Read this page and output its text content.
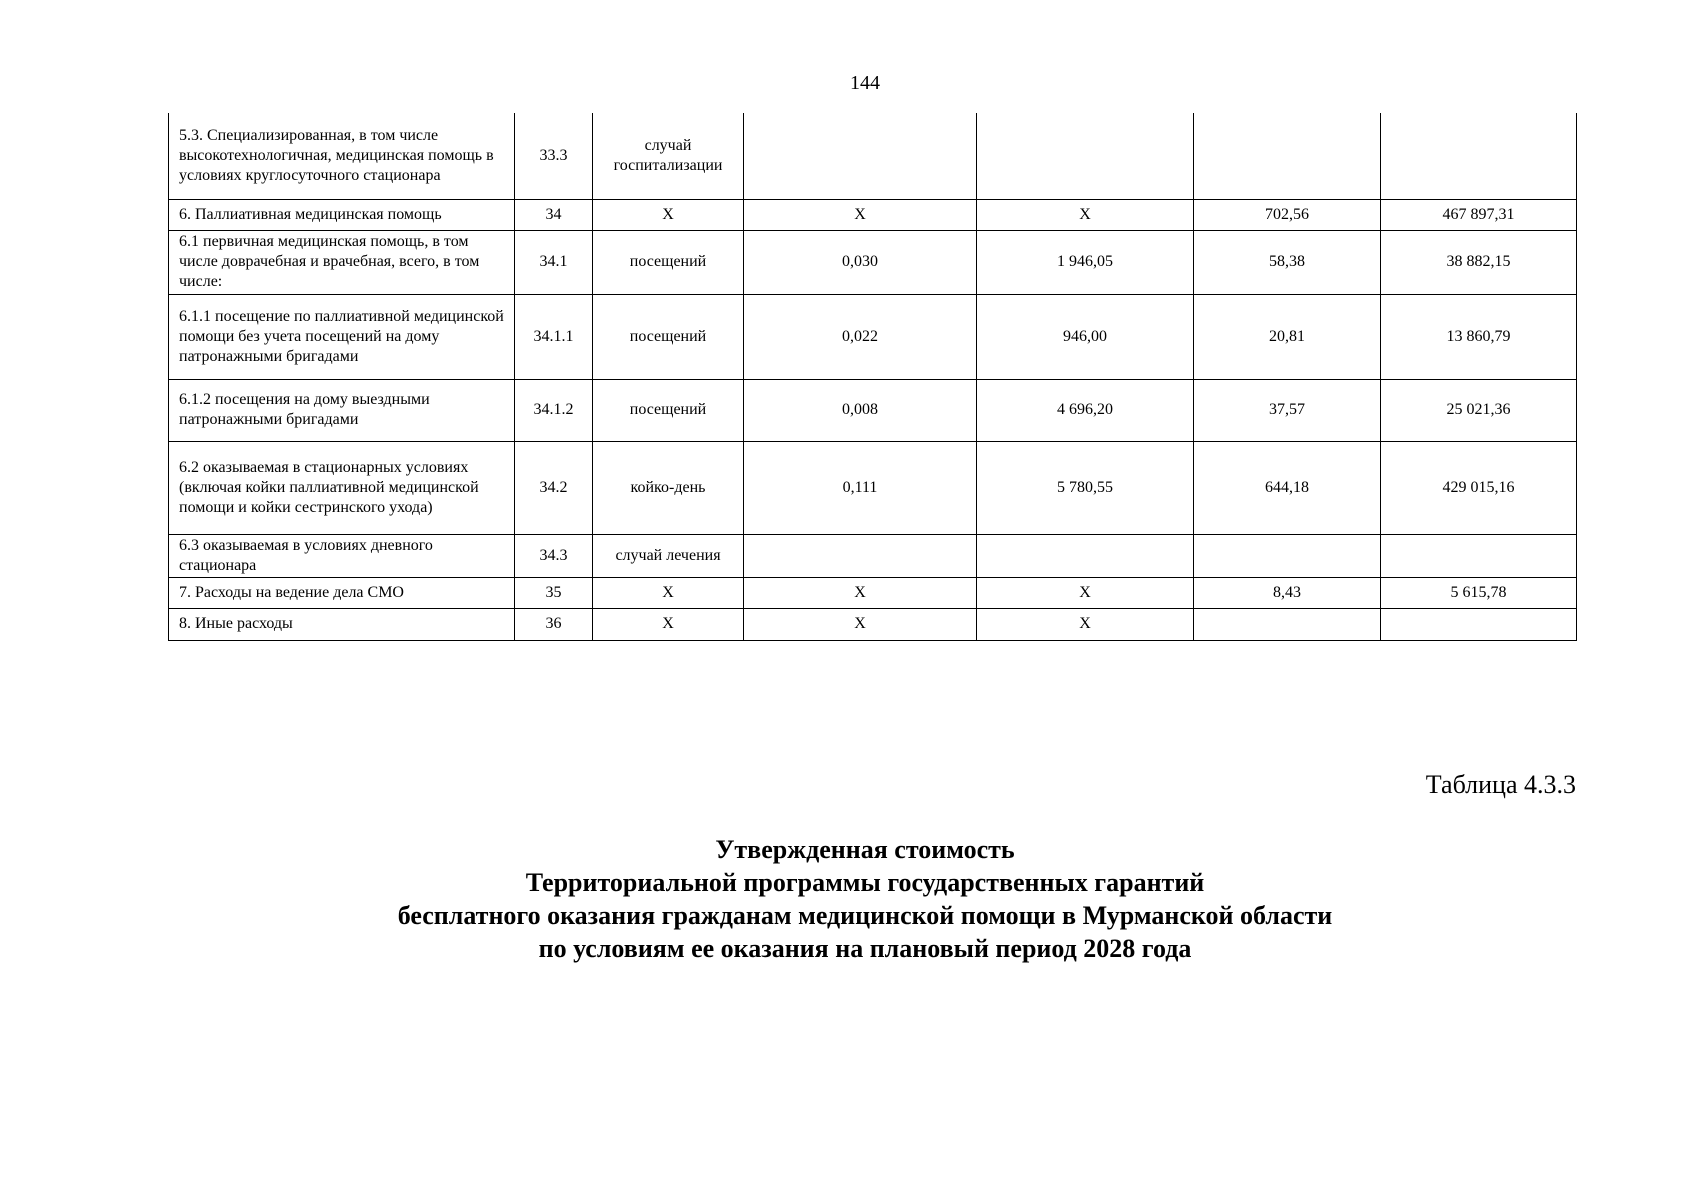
144
5.3. Специализированная, в том числе высокотехнологичная, медицинская помощь в условиях круглосуточного стационара	33.3	случай госпитализации				
6. Паллиативная медицинская помощь	34	X	X	X	702,56	467 897,31
6.1 первичная медицинская помощь, в том числе доврачебная и врачебная, всего, в том числе:	34.1	посещений	0,030	1 946,05	58,38	38 882,15
6.1.1 посещение по паллиативной медицинской помощи без учета посещений на дому патронажными бригадами	34.1.1	посещений	0,022	946,00	20,81	13 860,79
6.1.2 посещения на дому выездными патронажными бригадами	34.1.2	посещений	0,008	4 696,20	37,57	25 021,36
6.2 оказываемая в стационарных условиях (включая койки паллиативной медицинской помощи и койки сестринского ухода)	34.2	койко-день	0,111	5 780,55	644,18	429 015,16
6.3 оказываемая в условиях дневного стационара	34.3	случай лечения				
7. Расходы на ведение дела СМО	35	X	X	X	8,43	5 615,78
8. Иные расходы	36	X	X	X		
Таблица 4.3.3
Утвержденная стоимость
Территориальной программы государственных гарантий
бесплатного оказания гражданам медицинской помощи в Мурманской области
по условиям ее оказания на плановый период 2028 года
